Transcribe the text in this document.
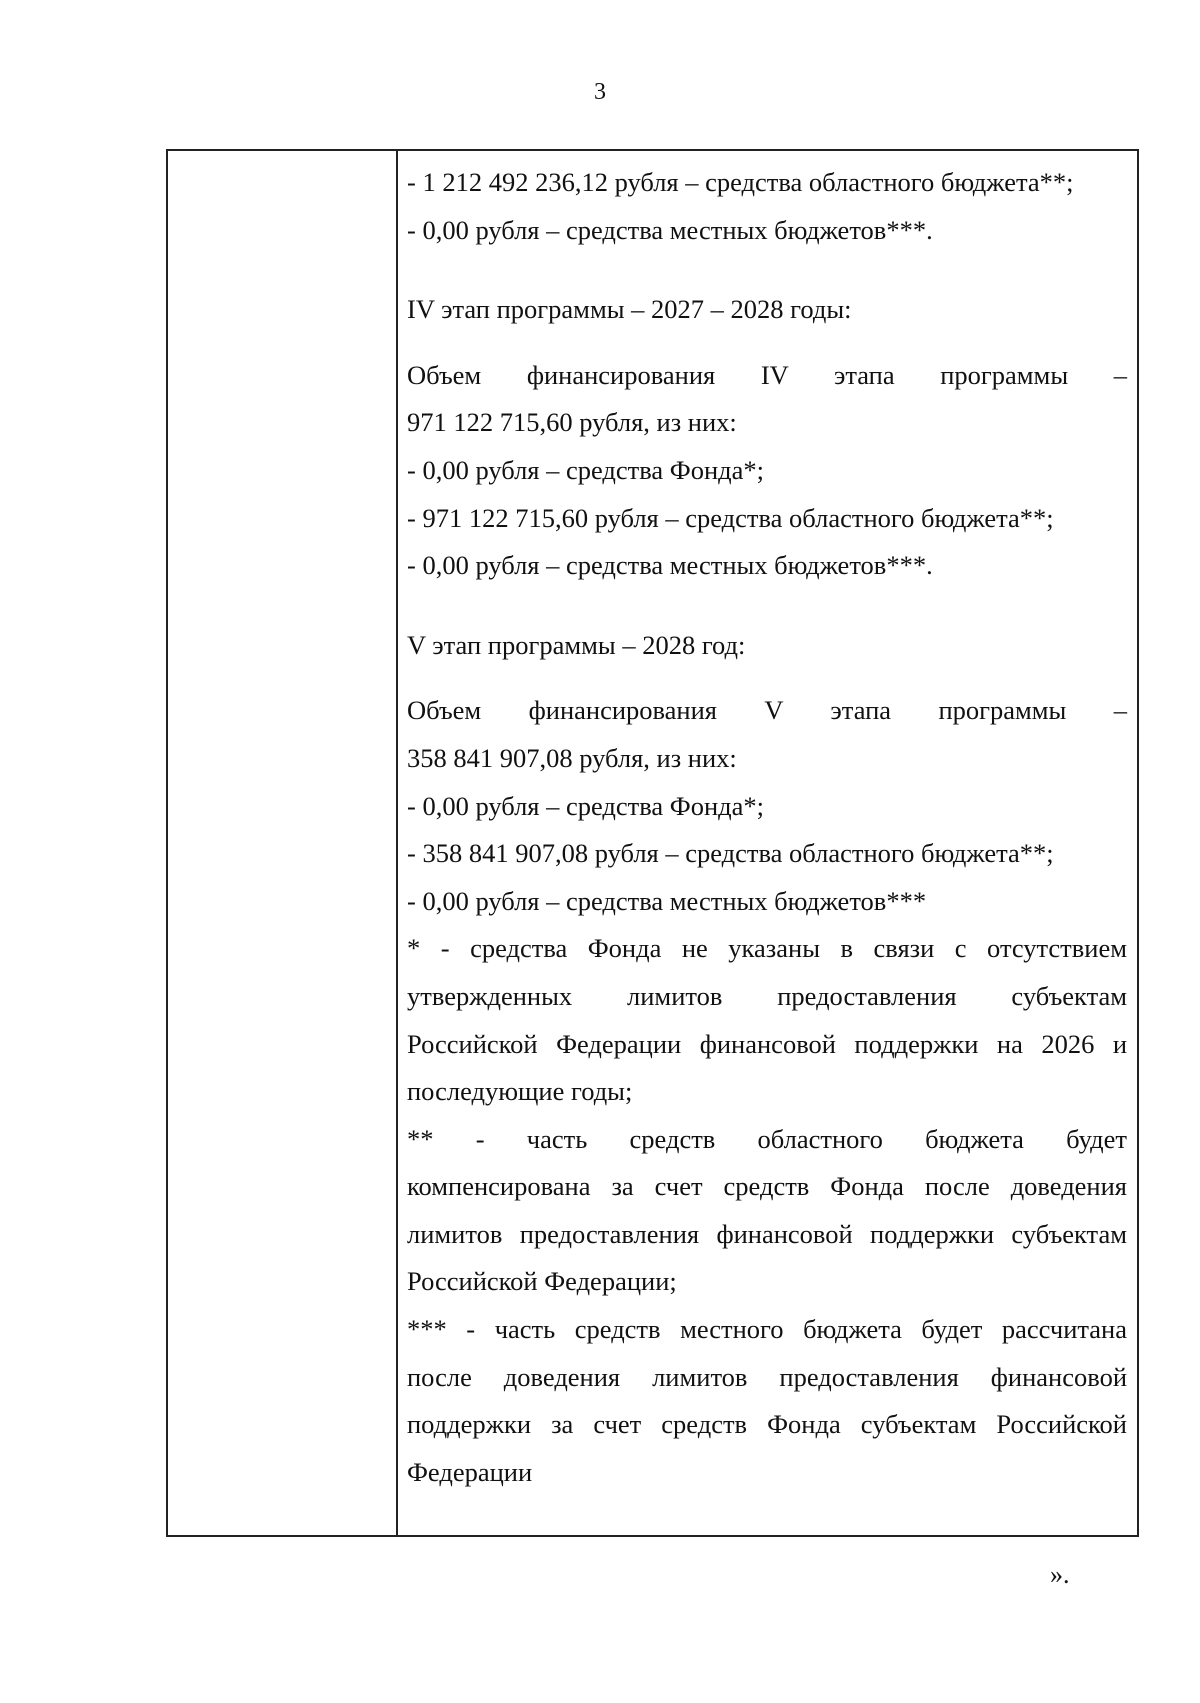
3
- 1 212 492 236,12 рубля – средства областного бюджета**;
- 0,00 рубля – средства местных бюджетов***.
IV этап программы – 2027 – 2028 годы:
Объем финансирования IV этапа программы –
971 122 715,60 рубля, из них:
- 0,00 рубля – средства Фонда*;
- 971 122 715,60 рубля – средства областного бюджета**;
- 0,00 рубля – средства местных бюджетов***.
V этап программы – 2028 год:
Объем финансирования V этапа программы –
358 841 907,08 рубля, из них:
- 0,00 рубля – средства Фонда*;
- 358 841 907,08 рубля – средства областного бюджета**;
- 0,00 рубля – средства местных бюджетов***
* - средства Фонда не указаны в связи с отсутствием
утвержденных лимитов предоставления субъектам
Российской Федерации финансовой поддержки на 2026 и
последующие годы;
** - часть средств областного бюджета будет
компенсирована за счет средств Фонда после доведения
лимитов предоставления финансовой поддержки субъектам
Российской Федерации;
*** - часть средств местного бюджета будет рассчитана
после доведения лимитов предоставления финансовой
поддержки за счет средств Фонда субъектам Российской
Федерации
».
